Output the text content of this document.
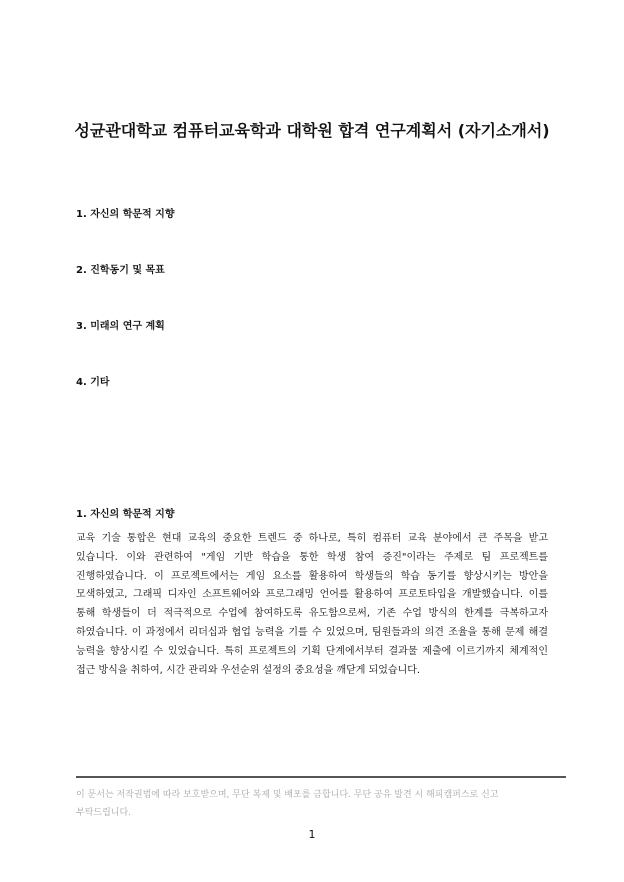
성균관대학교 컴퓨터교육학과 대학원 합격 연구계획서 (자기소개서)

1. 자신의 학문적 지향

2. 진학동기 및 목표

3. 미래의 연구 계획

4. 기타

1. 자신의 학문적 지향

교육 기술 통합은 현대 교육의 중요한 트렌드 중 하나로, 특히 컴퓨터 교육 분야에서 큰 주목을 받고 있습니다. 이와 관련하여 "게임 기반 학습을 통한 학생 참여 증진"이라는 주제로 팀 프로젝트를 진행하였습니다. 이 프로젝트에서는 게임 요소를 활용하여 학생들의 학습 동기를 향상시키는 방안을 모색하였고, 그래픽 디자인 소프트웨어와 프로그래밍 언어를 활용하여 프로토타입을 개발했습니다. 이를 통해 학생들이 더 적극적으로 수업에 참여하도록 유도함으로써, 기존 수업 방식의 한계를 극복하고자 하였습니다. 이 과정에서 리더십과 협업 능력을 기를 수 있었으며, 팀원들과의 의견 조율을 통해 문제 해결 능력을 향상시킬 수 있었습니다. 특히 프로젝트의 기획 단계에서부터 결과물 제출에 이르기까지 체계적인 접근 방식을 취하여, 시간 관리와 우선순위 설정의 중요성을 깨닫게 되었습니다.

이 문서는 저작권법에 따라 보호받으며, 무단 복제 및 배포를 금합니다. 무단 공유 발견 시 해피캠퍼스로 신고 부탁드립니다.

1
